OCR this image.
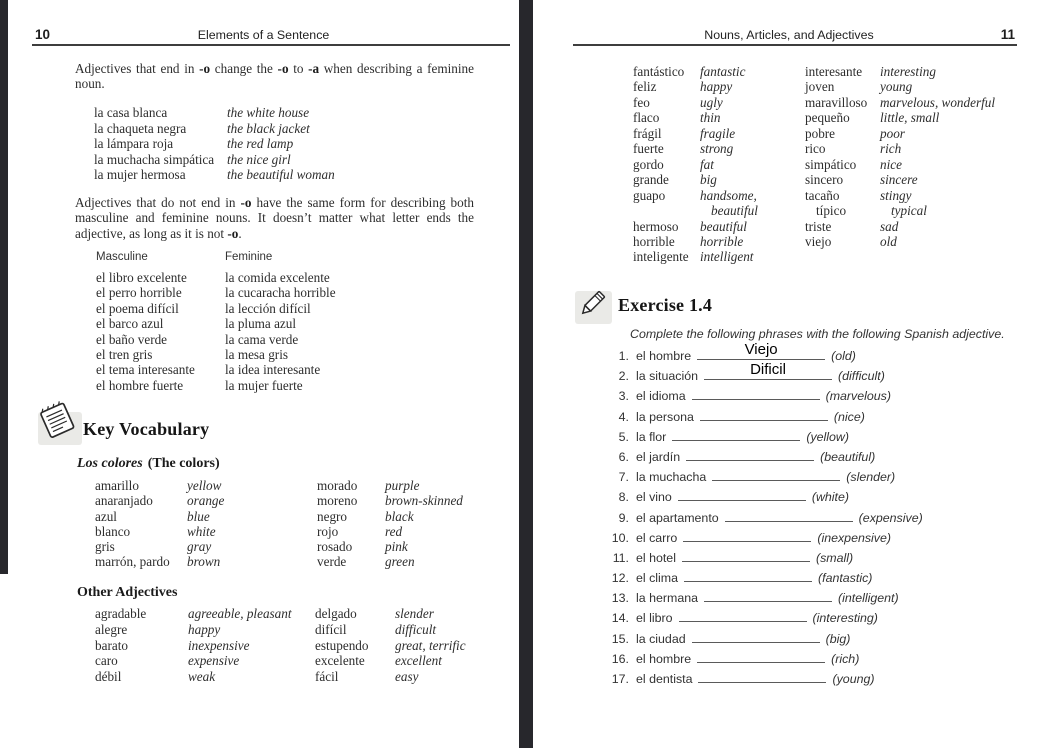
10	Elements of a Sentence

Adjectives that end in -o change the -o to -a when describing a feminine noun.

la casa blanca	the white house
la chaqueta negra	the black jacket
la lámpara roja	the red lamp
la muchacha simpática the nice girl
la mujer hermosa	the beautiful woman

Adjectives that do not end in -o have the same form for describing both masculine and feminine nouns. It doesn’t matter what letter ends the adjective, as long as it is not -o.

Masculine	Feminine
el libro excelente	la comida excelente
el perro horrible	la cucaracha horrible
el poema difícil	la lección difícil
el barco azul	la pluma azul
el baño verde	la cama verde
el tren gris	la mesa gris
el tema interesante la idea interesante
el hombre fuerte	la mujer fuerte
Key Vocabulary
Los colores (The colors)
amarillo	yellow	morado purple
anaranjado	orange	moreno brown-skinned
azul	blue	negro	black
blanco	white	rojo	red
gris	gray	rosado pink
marrón, pardo brown	verde	green
Other Adjectives
agradable	agreeable, pleasant delgado	slender
alegre	happy	difícil	difficult
barato	inexpensive	estupendo great, terrific
caro	expensive	excelente excellent
débil	weak	fácil	easy
11
Nouns, Articles, and Adjectives
fantástico fantastic	interesante interesting
feliz	happy	joven	young
feo	ugly	maravilloso marvelous, wonderful
flaco	thin	pequeño little, small
frágil	fragile	pobre	poor
fuerte	strong	rico	rich
gordo	fat	simpático nice
grande big	sincero	sincere
guapo	handsome,	tacaño	stingy
beautiful	típico	typical
hermoso beautiful	triste	sad
horrible horrible	viejo	old
inteligente intelligent
Exercise 1.4
Complete the following phrases with the following Spanish adjective.
1. el hombre	Viejo	(old)
2. la situación	Dificil	(difficult)
3. el idioma	(marvelous)
4. la persona	(nice)
5. la flor	(yellow)
6. el jardín	(beautiful)
7. la muchacha	(slender)
8. el vino	(white)
9. el apartamento	(expensive)
10. el carro	(inexpensive)
11. el hotel	(small)
12. el clima	(fantastic)
13. la hermana	(intelligent)
14. el libro	(interesting)
15. la ciudad	(big)
16. el hombre	(rich)
17. el dentista	(young)
